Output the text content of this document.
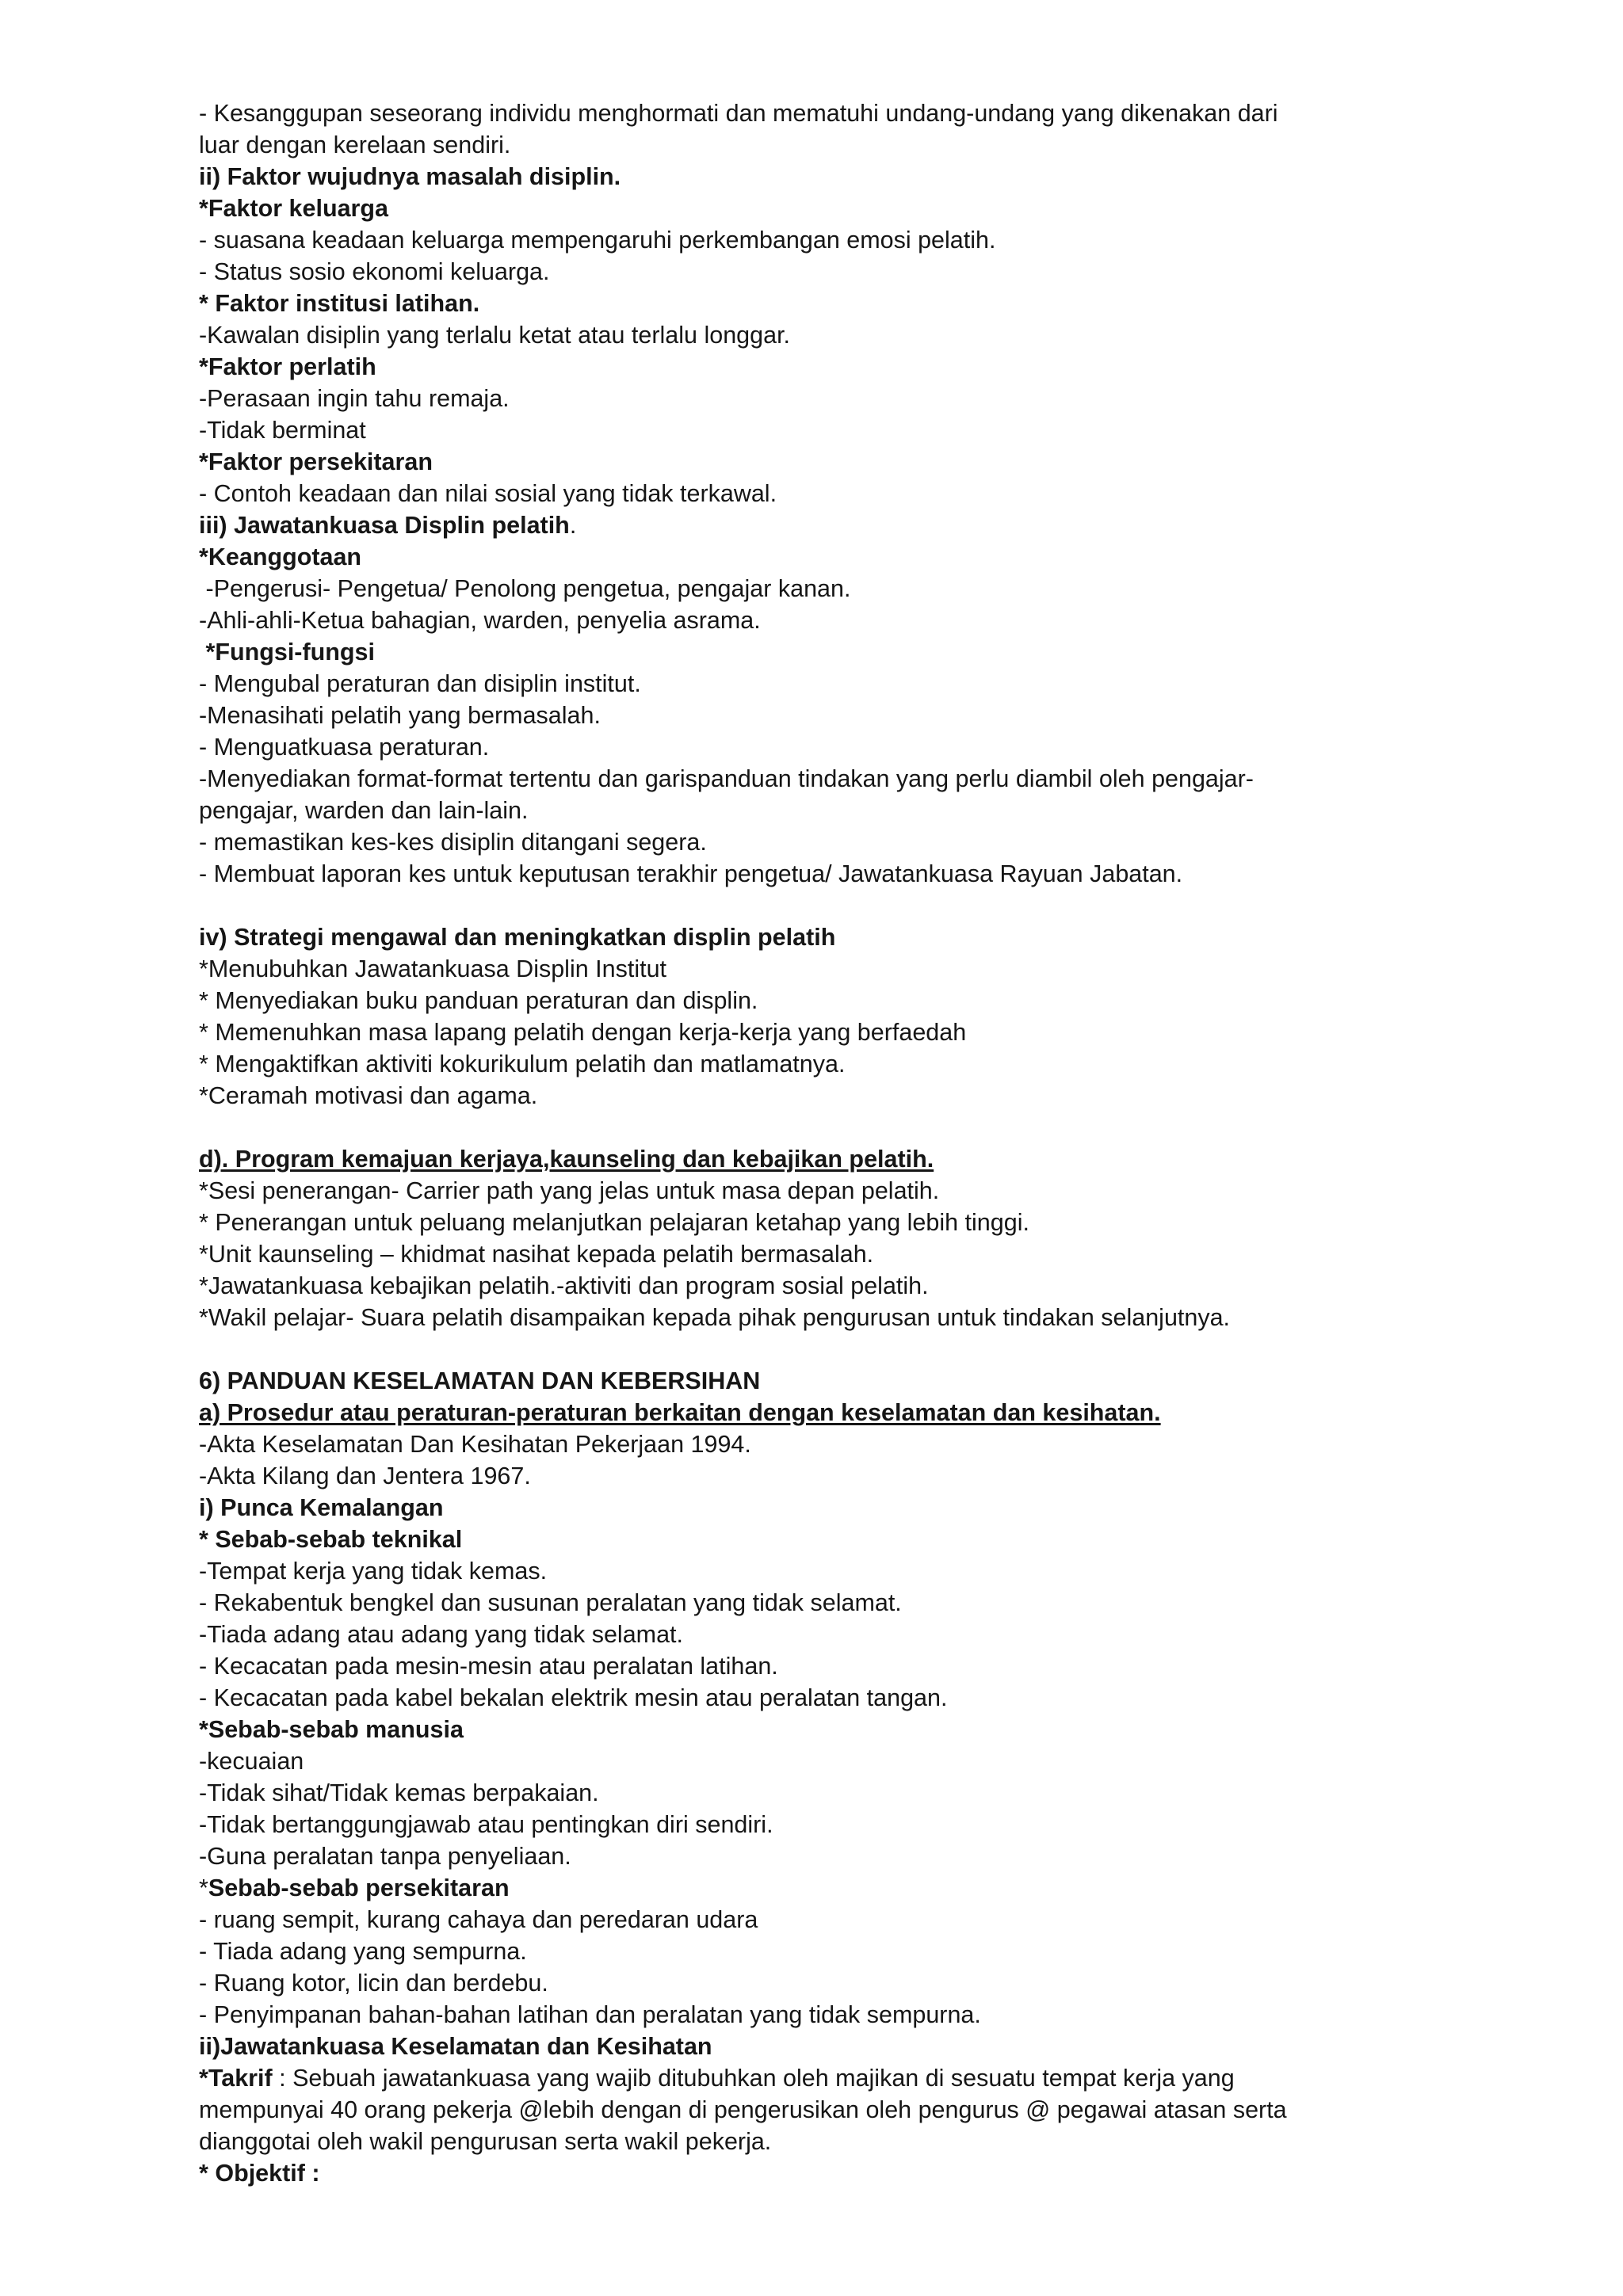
- Kesanggupan seseorang individu menghormati dan mematuhi undang-undang yang dikenakan dari
luar dengan kerelaan sendiri.
ii) Faktor wujudnya masalah disiplin.
*Faktor keluarga
- suasana keadaan keluarga mempengaruhi perkembangan emosi pelatih.
- Status sosio ekonomi keluarga.
* Faktor institusi latihan.
-Kawalan disiplin yang terlalu ketat atau terlalu longgar.
*Faktor perlatih
-Perasaan ingin tahu remaja.
-Tidak berminat
*Faktor persekitaran
- Contoh keadaan dan nilai sosial yang tidak terkawal.
iii) Jawatankuasa Displin pelatih.
*Keanggotaan
-Pengerusi- Pengetua/ Penolong pengetua, pengajar kanan.
-Ahli-ahli-Ketua bahagian, warden, penyelia asrama.
*Fungsi-fungsi
- Mengubal peraturan dan disiplin institut.
-Menasihati pelatih yang bermasalah.
- Menguatkuasa peraturan.
-Menyediakan format-format tertentu dan garispanduan tindakan yang perlu diambil oleh pengajar-
pengajar, warden dan lain-lain.
- memastikan kes-kes disiplin ditangani segera.
- Membuat laporan kes untuk keputusan terakhir pengetua/ Jawatankuasa Rayuan Jabatan.
iv) Strategi mengawal dan meningkatkan displin pelatih
*Menubuhkan Jawatankuasa Displin Institut
* Menyediakan buku panduan peraturan dan displin.
* Memenuhkan masa lapang pelatih dengan kerja-kerja yang berfaedah
* Mengaktifkan aktiviti kokurikulum pelatih dan matlamatnya.
*Ceramah motivasi dan agama.
d). Program kemajuan kerjaya,kaunseling dan kebajikan pelatih.
*Sesi penerangan- Carrier path yang jelas untuk masa depan pelatih.
* Penerangan untuk peluang melanjutkan pelajaran ketahap yang lebih tinggi.
*Unit kaunseling – khidmat nasihat kepada pelatih bermasalah.
*Jawatankuasa kebajikan pelatih.-aktiviti dan program sosial pelatih.
*Wakil pelajar- Suara pelatih disampaikan kepada pihak pengurusan untuk tindakan selanjutnya.
6) PANDUAN KESELAMATAN DAN KEBERSIHAN
a) Prosedur atau peraturan-peraturan berkaitan dengan keselamatan dan kesihatan.
-Akta Keselamatan Dan Kesihatan Pekerjaan 1994.
-Akta Kilang dan Jentera 1967.
i) Punca Kemalangan
* Sebab-sebab teknikal
-Tempat kerja yang tidak kemas.
- Rekabentuk bengkel dan susunan peralatan yang tidak selamat.
-Tiada adang atau adang yang tidak selamat.
- Kecacatan pada mesin-mesin atau peralatan latihan.
- Kecacatan pada kabel bekalan elektrik mesin atau peralatan tangan.
*Sebab-sebab manusia
-kecuaian
-Tidak sihat/Tidak kemas berpakaian.
-Tidak bertanggungjawab atau pentingkan diri sendiri.
-Guna peralatan tanpa penyeliaan.
*Sebab-sebab persekitaran
- ruang sempit, kurang cahaya dan peredaran udara
- Tiada adang yang sempurna.
- Ruang kotor, licin dan berdebu.
- Penyimpanan bahan-bahan latihan dan peralatan yang tidak sempurna.
ii)Jawatankuasa Keselamatan dan Kesihatan
*Takrif : Sebuah jawatankuasa yang wajib ditubuhkan oleh majikan di sesuatu tempat kerja yang
mempunyai 40 orang pekerja @lebih dengan di pengerusikan oleh pengurus @ pegawai atasan serta
dianggotai oleh wakil pengurusan serta wakil pekerja.
* Objektif :
